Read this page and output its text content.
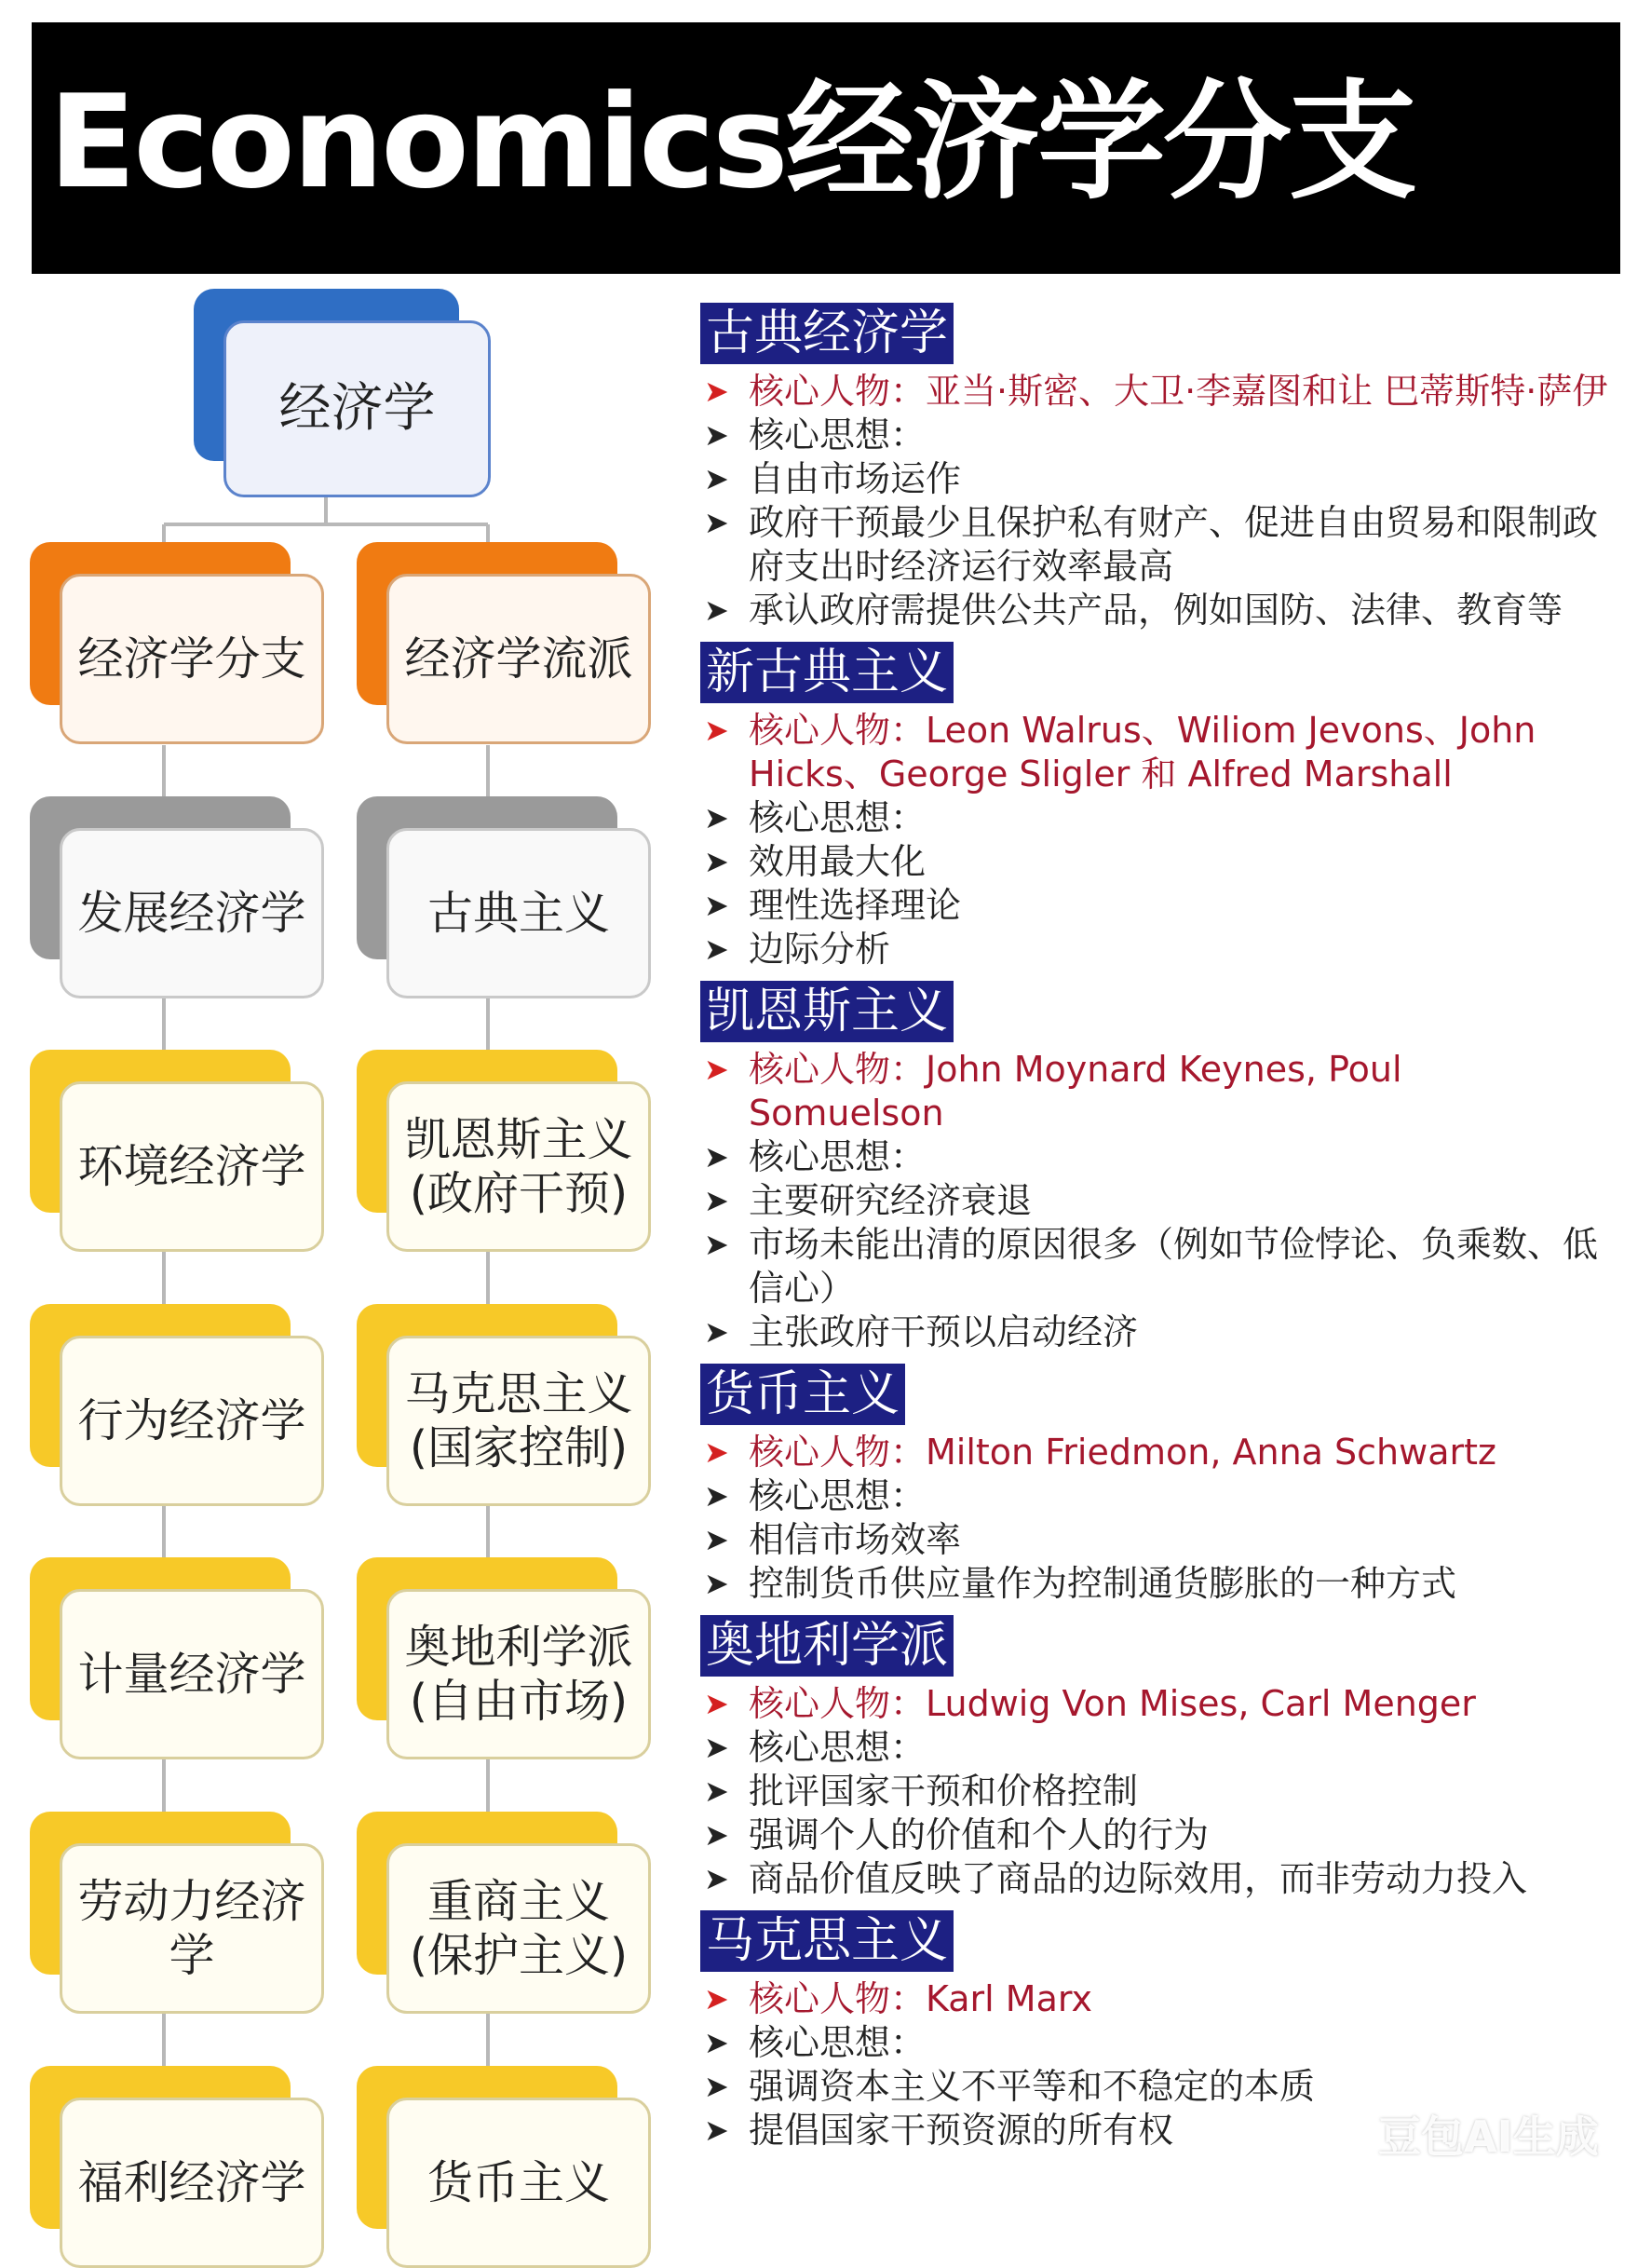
Economics经济学分支
经济学
经济学分支 经济学流派
发展经济学	古典主义
环境经济学
凯恩斯主义
(政府干预)
行为经济学
马克思主义
(国家控制)
计量经济学
奥地利学派
(自由市场)
劳动力经济
学
重商主义
(保护主义)
福利经济学	货币主义
古典经济学
➤ 核心人物：亚当·斯密、大卫·李嘉图和让 巴蒂斯特·萨伊
➤ 核心思想：
➤ 自由市场运作
➤ 政府干预最少且保护私有财产、促进自由贸易和限制政府支出时经济运行效率最高
➤ 承认政府需提供公共产品，例如国防、法律、教育等
新古典主义
➤ 核心人物：Leon Walrus、Wiliom Jevons、John Hicks、George Sligler 和 Alfred Marshall
➤ 核心思想：
➤ 效用最大化
➤ 理性选择理论
➤ 边际分析
凯恩斯主义
➤ 核心人物：John Moynard Keynes, Poul Somuelson
➤ 核心思想：
➤ 主要研究经济衰退
➤ 市场未能出清的原因很多（例如节俭悖论、负乘数、低信心）
➤ 主张政府干预以启动经济
货币主义
➤ 核心人物：Milton Friedmon, Anna Schwartz
➤ 核心思想：
➤ 相信市场效率
➤ 控制货币供应量作为控制通货膨胀的一种方式
奥地利学派
➤ 核心人物：Ludwig Von Mises, Carl Menger
➤ 核心思想：
➤ 批评国家干预和价格控制
➤ 强调个人的价值和个人的行为
➤ 商品价值反映了商品的边际效用，而非劳动力投入
马克思主义
➤ 核心人物：Karl Marx
➤ 核心思想：
➤ 强调资本主义不平等和不稳定的本质
➤ 提倡国家干预资源的所有权	豆包AI生成
